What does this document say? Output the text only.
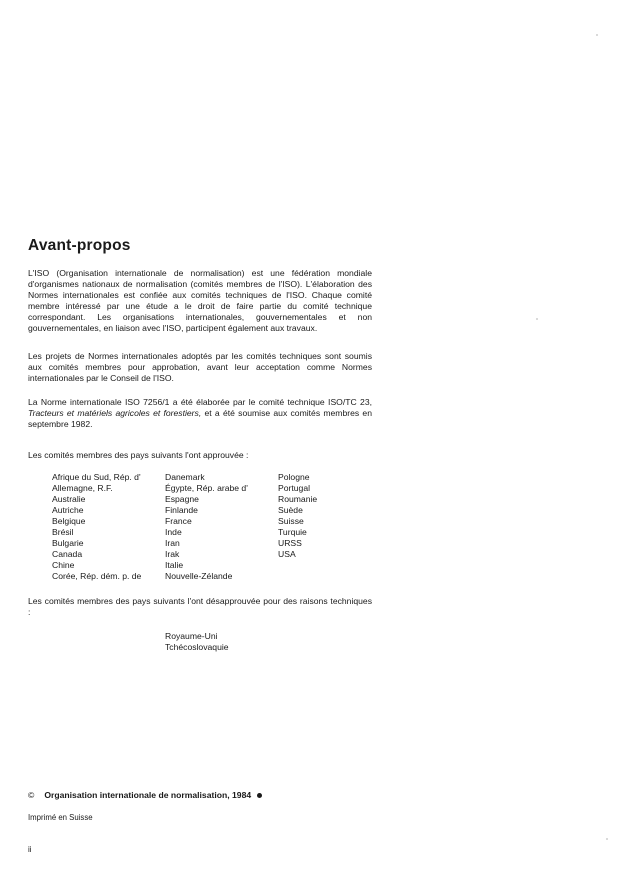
Avant-propos

L'ISO (Organisation internationale de normalisation) est une fédération mondiale d'organismes nationaux de normalisation (comités membres de l'ISO). L'élaboration des Normes internationales est confiée aux comités techniques de l'ISO. Chaque comité membre intéressé par une étude a le droit de faire partie du comité technique correspondant. Les organisations internationales, gouvernementales et non gouvernementales, en liaison avec l'ISO, participent également aux travaux.

Les projets de Normes internationales adoptés par les comités techniques sont soumis aux comités membres pour approbation, avant leur acceptation comme Normes internationales par le Conseil de l'ISO.

La Norme internationale ISO 7256/1 a été élaborée par le comité technique ISO/TC 23, Tracteurs et matériels agricoles et forestiers, et a été soumise aux comités membres en septembre 1982.

Les comités membres des pays suivants l'ont approuvée :

Afrique du Sud, Rép. d'
Allemagne, R.F.
Australie
Autriche
Belgique
Brésil
Bulgarie
Canada
Chine
Corée, Rép. dém. p. de
Danemark
Égypte, Rép. arabe d'
Espagne
Finlande
France
Inde
Iran
Irak
Italie
Nouvelle-Zélande
Pologne
Portugal
Roumanie
Suède
Suisse
Turquie
URSS
USA

Les comités membres des pays suivants l'ont désapprouvée pour des raisons techniques :

Royaume-Uni
Tchécoslovaquie
© Organisation internationale de normalisation, 1984
Imprimé en Suisse
ii
